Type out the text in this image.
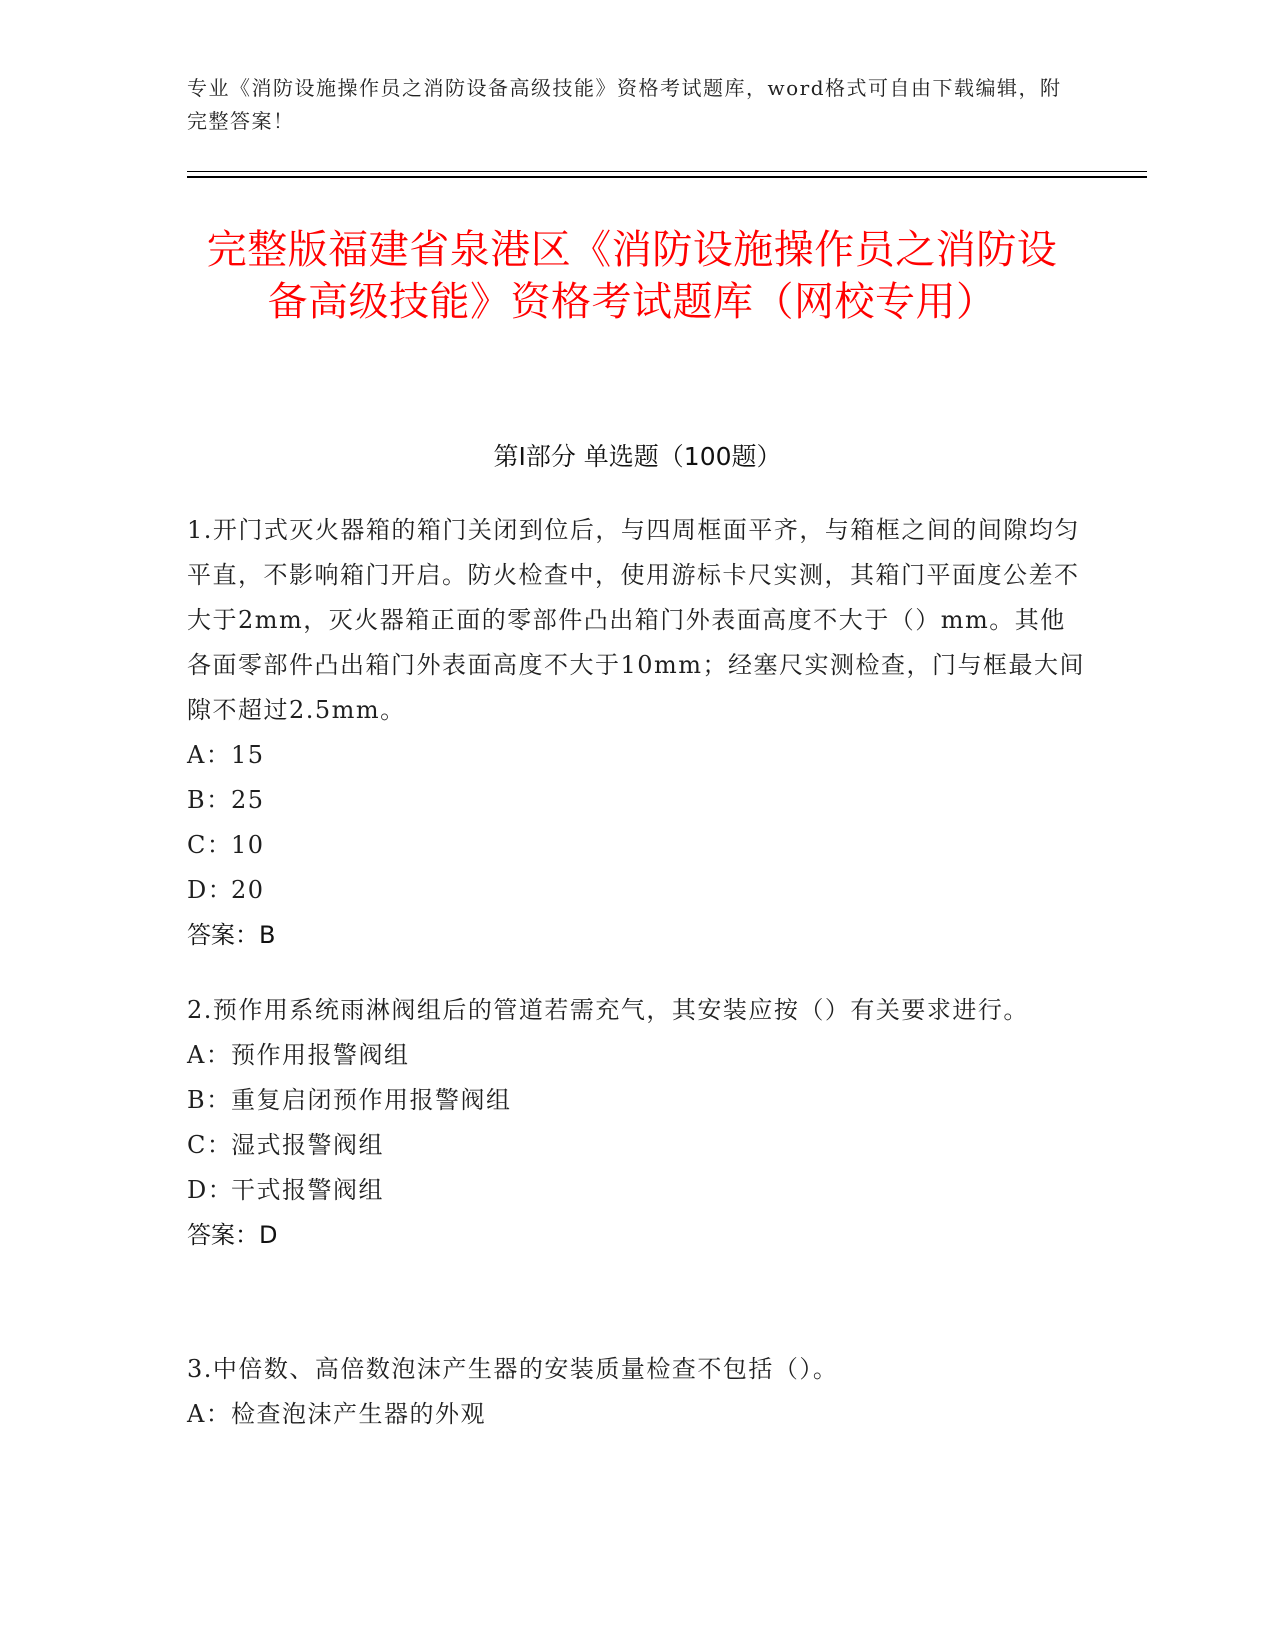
专业《消防设施操作员之消防设备高级技能》资格考试题库，word格式可自由下载编辑，附完整答案！
完整版福建省泉港区《消防设施操作员之消防设备高级技能》资格考试题库（网校专用）
第Ⅰ部分 单选题（100题）

1.开门式灭火器箱的箱门关闭到位后，与四周框面平齐，与箱框之间的间隙均匀平直，不影响箱门开启。防火检查中，使用游标卡尺实测，其箱门平面度公差不大于2mm，灭火器箱正面的零部件凸出箱门外表面高度不大于（）mm。其他各面零部件凸出箱门外表面高度不大于10mm；经塞尺实测检查，门与框最大间隙不超过2.5mm。

A：15

B：25

C：10

D：20

答案：B

2.预作用系统雨淋阀组后的管道若需充气，其安装应按（）有关要求进行。

A：预作用报警阀组

B：重复启闭预作用报警阀组

C：湿式报警阀组

D：干式报警阀组

答案：D

3.中倍数、高倍数泡沫产生器的安装质量检查不包括（）。

A：检查泡沫产生器的外观
